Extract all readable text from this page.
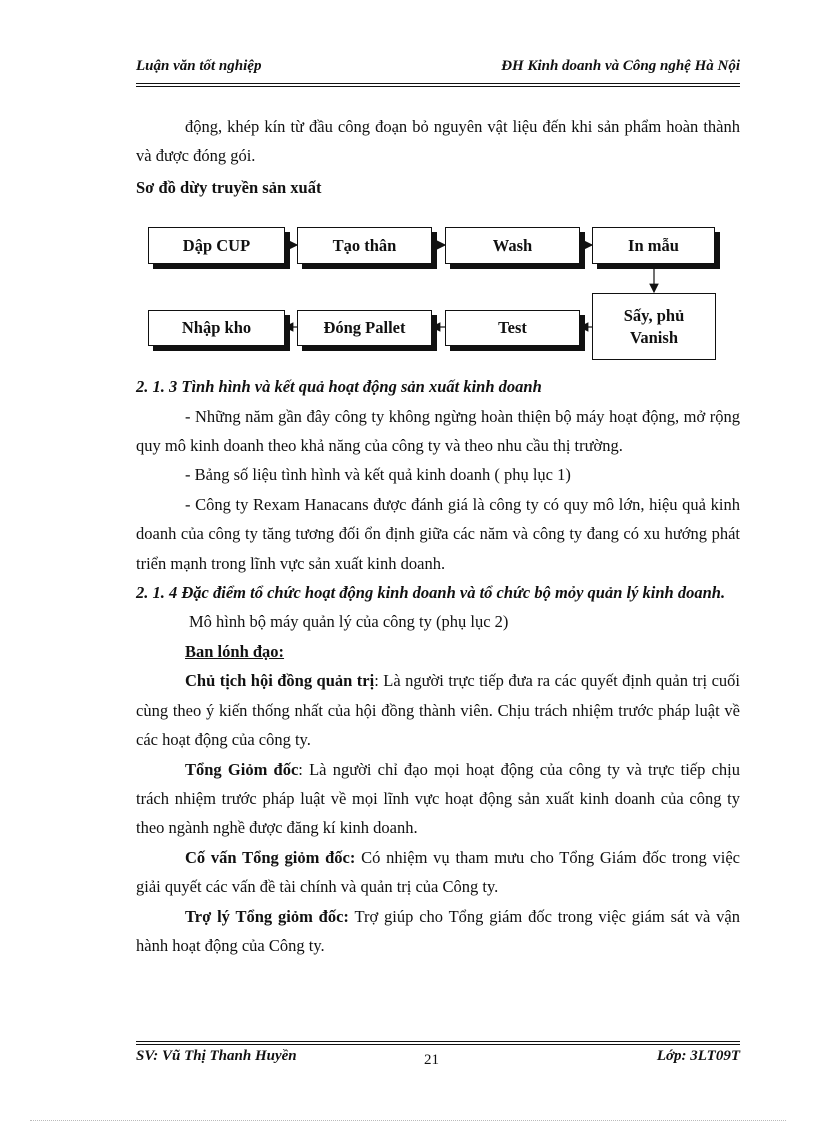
Luận văn tốt nghiệp	ĐH Kinh doanh và Công nghệ Hà Nội

động, khép kín từ đầu công đoạn bỏ nguyên vật liệu đến khi sản phẩm hoàn thành và được đóng gói.

Sơ đồ dừy truyền sản xuất

Dập CUP	Tạo thân	Wash	In mẫu
Sấy, phủ Vanish
Test
Đóng Pallet
Nhập kho

2. 1. 3 Tình hình và kết quả hoạt động sản xuất kinh doanh

- Những năm gần đây công ty không ngừng hoàn thiện bộ máy hoạt động, mở rộng quy mô kinh doanh theo khả năng của công ty và theo nhu cầu thị trường.

- Bảng số liệu tình hình và kết quả kinh doanh ( phụ lục 1)

- Công ty Rexam Hanacans được đánh giá là công ty có quy mô lớn, hiệu quả kinh doanh của công ty tăng tương đối ổn định giữa các năm và công ty đang có xu hướng phát triển mạnh trong lĩnh vực sản xuất kinh doanh.

2. 1. 4 Đặc điểm tổ chức hoạt động kinh doanh và tổ chức bộ mỏy quản lý kinh doanh.

Mô hình bộ máy quản lý của công ty (phụ lục 2)

Ban lónh đạo:

Chủ tịch hội đồng quản trị: Là người trực tiếp đưa ra các quyết định quản trị cuối cùng theo ý kiến thống nhất của hội đồng thành viên. Chịu trách nhiệm trước pháp luật về các hoạt động của công ty.

Tổng Giỏm đốc: Là người chỉ đạo mọi hoạt động của công ty và trực tiếp chịu trách nhiệm trước pháp luật về mọi lĩnh vực hoạt động sản xuất kinh doanh của công ty theo ngành nghề được đăng kí kinh doanh.

Cố vấn Tổng giỏm đốc: Có nhiệm vụ tham mưu cho Tổng Giám đốc trong việc giải quyết các vấn đề tài chính và quản trị của Công ty.

Trợ lý Tổng giỏm đốc: Trợ giúp cho Tổng giám đốc trong việc giám sát và vận hành hoạt động của Công ty.

SV: Vũ Thị Thanh Huyền	21	Lớp: 3LT09T
